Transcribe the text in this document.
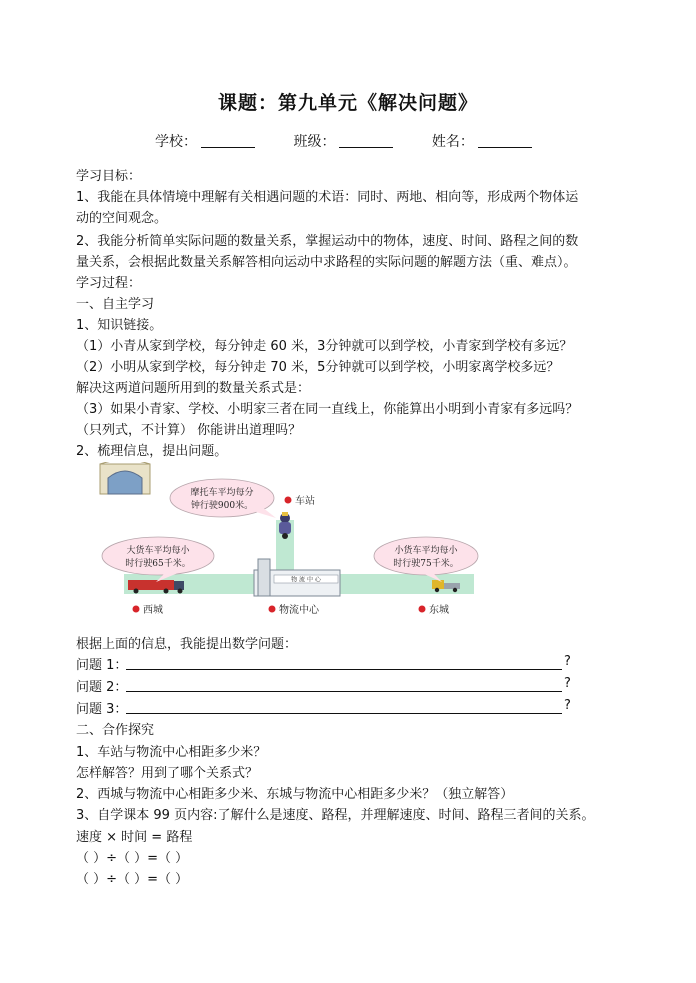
课题：第九单元《解决问题》
学校：	班级：	姓名：
学习目标：
1、我能在具体情境中理解有关相遇问题的术语：同时、两地、相向等，形成两个物体运
动的空间观念。
2、我能分析简单实际问题的数量关系，掌握运动中的物体，速度、时间、路程之间的数
量关系，会根据此数量关系解答相向运动中求路程的实际问题的解题方法（重、难点）。
学习过程：
一、自主学习
1、知识链接。
（1）小青从家到学校，每分钟走 60 米，3分钟就可以到学校，小青家到学校有多远？
（2）小明从家到学校，每分钟走 70 米，5分钟就可以到学校，小明家离学校多远？
解决这两道问题所用到的数量关系式是：
（3）如果小青家、学校、小明家三者在同一直线上，你能算出小明到小青家有多远吗？
（只列式，不计算） 你能讲出道理吗？
2、梳理信息，提出问题。
物 流 中 心
摩托车平均每分
钟行驶900米。
大货车平均每小
时行驶65千米。
小货车平均每小
时行驶75千米。
车站
西城	物流中心	东城
根据上面的信息，我能提出数学问题：
问题 1：	?
问题 2：	?
问题 3：	?
二、合作探究
1、车站与物流中心相距多少米？
怎样解答？用到了哪个关系式？
2、西城与物流中心相距多少米、东城与物流中心相距多少米？（独立解答）
3、自学课本 99 页内容:了解什么是速度、路程，并理解速度、时间、路程三者间的关系。
速度 × 时间 = 路程
（ ）÷（ ）=（ ）
（ ）÷（ ）=（ ）
